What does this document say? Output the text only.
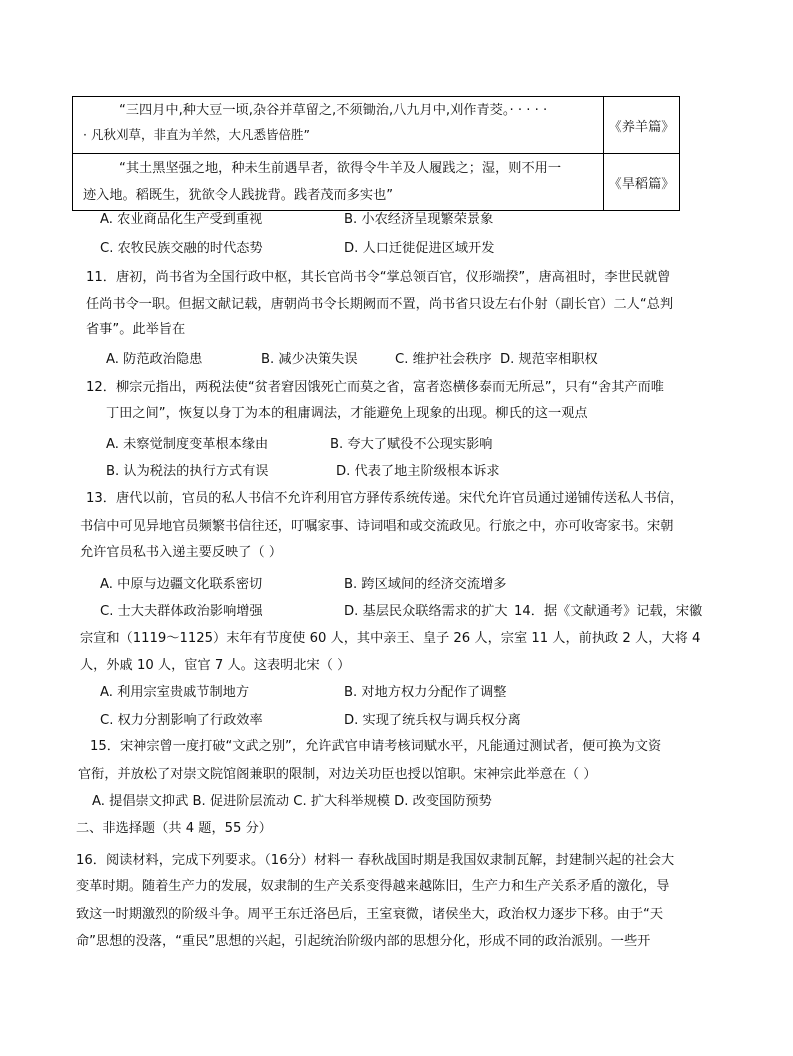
“三四月中,种大豆一顷,杂谷并草留之,不须锄治,八九月中,刈作青茭。· · · · ·
· 凡秋刈草，非直为羊然，大凡悉皆倍胜”	《养羊篇》

“其土黑坚强之地，种未生前遇旱者，欲得令牛羊及人履践之；湿，则不用一
迹入地。稻既生，犹欲令人践拢背。践者茂而多实也”	《旱稻篇》
A. 农业商品化生产受到重视	B. 小农经济呈现繁荣景象
C. 农牧民族交融的时代态势	D. 人口迁徙促进区域开发
11．唐初，尚书省为全国行政中枢，其长官尚书令“掌总领百官，仪形端揆”，唐高祖时，李世民就曾
任尚书令一职。但据文献记载，唐朝尚书令长期阙而不置，尚书省只设左右仆射（副长官）二人“总判
省事”。此举旨在
A. 防范政治隐患	B. 减少决策失误	C. 维护社会秩序 D. 规范宰相职权
12．柳宗元指出，两税法使“贫者窘因饿死亡而莫之省，富者恣横侈泰而无所忌”，只有“舍其产而唯
丁田之间”，恢复以身丁为本的租庸调法，才能避免上现象的出现。柳氏的这一观点
A. 未察觉制度变革根本缘由	B. 夸大了赋役不公现实影响
B. 认为税法的执行方式有误	D. 代表了地主阶级根本诉求
13．唐代以前，官员的私人书信不允许利用官方驿传系统传递。宋代允许官员通过递铺传送私人书信，
书信中可见异地官员频繁书信往还，叮嘱家事、诗词唱和或交流政见。行旅之中，亦可收寄家书。宋朝
允许官员私书入递主要反映了（ ）
A. 中原与边疆文化联系密切	B. 跨区域间的经济交流增多
C. 士大夫群体政治影响增强	D. 基层民众联络需求的扩大 14．据《文献通考》记载，宋徽
宗宣和（1119～1125）末年有节度使 60 人，其中亲王、皇子 26 人，宗室 11 人，前执政 2 人，大将 4
人，外戚 10 人，宦官 7 人。这表明北宋（ ）
A. 利用宗室贵戚节制地方	B. 对地方权力分配作了调整
C. 权力分割影响了行政效率	D. 实现了统兵权与调兵权分离
15．宋神宗曾一度打破“文武之别”，允许武官申请考核词赋水平，凡能通过测试者，便可换为文资
官衔，并放松了对崇文院馆阁兼职的限制，对边关功臣也授以馆职。宋神宗此举意在（ ）
A. 提倡崇文抑武 B. 促进阶层流动 C. 扩大科举规模 D. 改变国防预势
二、非选择题（共 4 题，55 分）
16．阅读材料，完成下列要求。（16分）材料一 春秋战国时期是我国奴隶制瓦解，封建制兴起的社会大
变革时期。随着生产力的发展，奴隶制的生产关系变得越来越陈旧，生产力和生产关系矛盾的激化，导
致这一时期激烈的阶级斗争。周平王东迁洛邑后，王室衰微，诸侯坐大，政治权力逐步下移。由于“天
命”思想的没落，“重民”思想的兴起，引起统治阶级内部的思想分化，形成不同的政治派别。一些开
